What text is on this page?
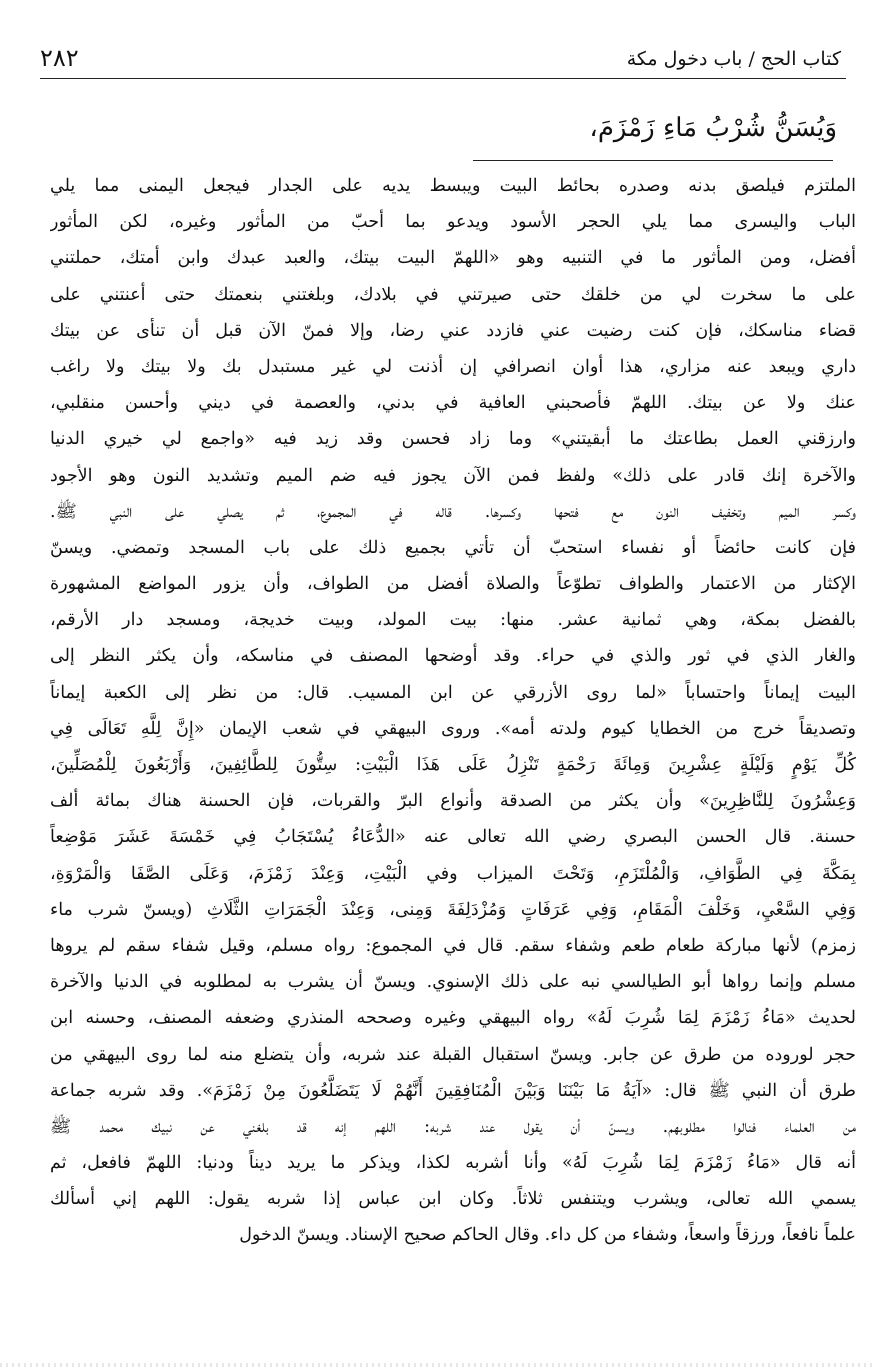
٢٨٢	كتاب الحج / باب دخول مكة
وَيُسَنُّ شُرْبُ مَاءِ زَمْزَمَ،
الملتزم فيلصق بدنه وصدره بحائط البيت ويبسط يديه على الجدار فيجعل اليمنى مما يلي
الباب واليسرى مما يلي الحجر الأسود ويدعو بما أحبّ من المأثور وغيره، لكن المأثور
أفضل، ومن المأثور ما في التنبيه وهو «اللهمّ البيت بيتك، والعبد عبدك وابن أمتك، حملتني
على ما سخرت لي من خلقك حتى صيرتني في بلادك، وبلغتني بنعمتك حتى أعنتني على
قضاء مناسكك، فإن كنت رضيت عني فازدد عني رضا، وإلا فمنّ الآن قبل أن تنأى عن بيتك
داري ويبعد عنه مزاري، هذا أوان انصرافي إن أذنت لي غير مستبدل بك ولا بيتك ولا راغب
عنك ولا عن بيتك. اللهمّ فأصحبني العافية في بدني، والعصمة في ديني وأحسن منقلبي،
وارزقني العمل بطاعتك ما أبقيتني» وما زاد فحسن وقد زيد فيه «واجمع لي خيري الدنيا
والآخرة إنك قادر على ذلك» ولفظ فمن الآن يجوز فيه ضم الميم وتشديد النون وهو الأجود
وكسر الميم وتخفيف النون مع فتحها وكسرها. قاله في المجموع، ثم يصلي على النبي ﷺ.
فإن كانت حائضاً أو نفساء استحبّ أن تأتي بجميع ذلك على باب المسجد وتمضي. ويسنّ
الإكثار من الاعتمار والطواف تطوّعاً والصلاة أفضل من الطواف، وأن يزور المواضع المشهورة
بالفضل بمكة، وهي ثمانية عشر. منها: بيت المولد، وبيت خديجة، ومسجد دار الأرقم،
والغار الذي في ثور والذي في حراء. وقد أوضحها المصنف في مناسكه، وأن يكثر النظر إلى
البيت إيماناً واحتساباً «لما روى الأزرقي عن ابن المسيب. قال: من نظر إلى الكعبة إيماناً
وتصديقاً خرج من الخطايا كيوم ولدته أمه». وروى البيهقي في شعب الإيمان «إِنَّ لِلَّهِ تَعَالَى فِي
كُلِّ يَوْمٍ وَلَيْلَةٍ عِشْرِينَ وَمِائَةَ رَحْمَةٍ تَنْزِلُ عَلَى هَذَا الْبَيْتِ: سِتُّونَ لِلطَّائِفِينَ، وَأَرْبَعُونَ لِلْمُصَلِّينَ،
وَعِشْرُونَ لِلنَّاظِرِينَ» وأن يكثر من الصدقة وأنواع البرّ والقربات، فإن الحسنة هناك بمائة ألف
حسنة. قال الحسن البصري رضي الله تعالى عنه «الدُّعَاءُ يُسْتَجَابُ فِي خَمْسَةَ عَشَرَ مَوْضِعاً
بِمَكَّةَ فِي الطَّوَافِ، وَالْمُلْتَزَمِ، وَتَحْتَ الميزاب وفي الْبَيْتِ، وَعِنْدَ زَمْزَمَ، وَعَلَى الصَّفَا وَالْمَرْوَةِ،
وَفِي السَّعْيِ، وَخَلْفَ الْمَقَامِ، وَفِي عَرَفَاتٍ وَمُزْدَلِفَةَ وَمِنى، وَعِنْدَ الْجَمَرَاتِ الثَّلَاثِ (ويسنّ شرب ماء
زمزم) لأنها مباركة طعام طعم وشفاء سقم. قال في المجموع: رواه مسلم، وقيل شفاء سقم لم يروها
مسلم وإنما رواها أبو الطيالسي نبه على ذلك الإسنوي. ويسنّ أن يشرب به لمطلوبه في الدنيا والآخرة
لحديث «مَاءُ زَمْزَمَ لِمَا شُرِبَ لَهُ» رواه البيهقي وغيره وصححه المنذري وضعفه المصنف، وحسنه ابن
حجر لوروده من طرق عن جابر. ويسنّ استقبال القبلة عند شربه، وأن يتضلع منه لما روى البيهقي من
طرق أن النبي ﷺ قال: «آيَةُ مَا بَيْنَنَا وَبَيْنَ الْمُنَافِقِينَ أَنَّهُمْ لَا يَتَضَلَّعُونَ مِنْ زَمْزَمَ». وقد شربه جماعة
من العلماء فنالوا مطلوبهم. ويسنّ أن يقول عند شربه: اللهم إنه قد بلغني عن نبيك محمد ﷺ
أنه قال «مَاءُ زَمْزَمَ لِمَا شُرِبَ لَهُ» وأنا أشربه لكذا، ويذكر ما يريد ديناً ودنيا: اللهمّ فافعل، ثم
يسمي الله تعالى، ويشرب ويتنفس ثلاثاً. وكان ابن عباس إذا شربه يقول: اللهم إني أسألك
علماً نافعاً، ورزقاً واسعاً، وشفاء من كل داء. وقال الحاكم صحيح الإسناد. ويسنّ الدخول
